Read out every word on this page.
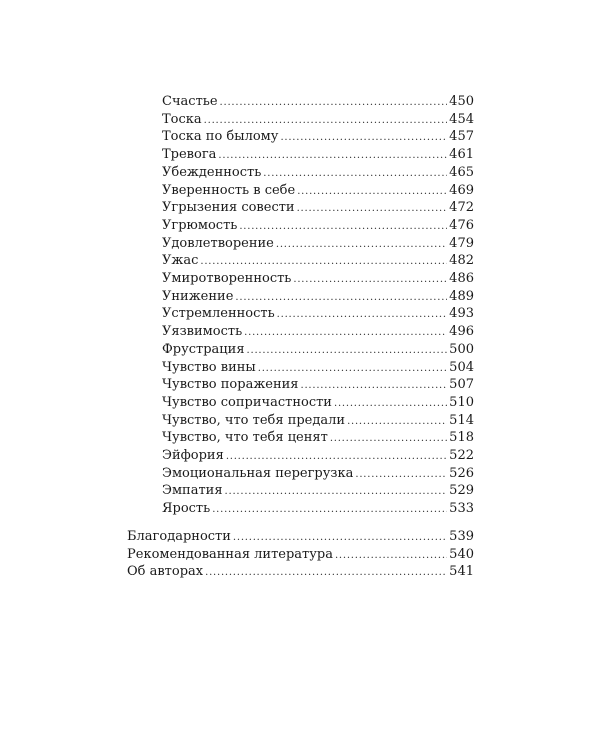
Счастье . . .	450
Тоска . . .	454
Тоска по былому . . .	457
Тревога . . .	461
Убежденность . . .	465
Уверенность в себе . . .	469
Угрызения совести . . .	472
Угрюмость . . .	476
Удовлетворение . . .	479
Ужас . . .	482
Умиротворенность . . .	486
Унижение . . .	489
Устремленность . . .	493
Уязвимость . . .	496
Фрустрация . . .	500
Чувство вины . . .	504
Чувство поражения . . .	507
Чувство сопричастности . . .	510
Чувство, что тебя предали . . .	514
Чувство, что тебя ценят . . .	518
Эйфория . . .	522
Эмоциональная перегрузка . . .	526
Эмпатия . . .	529
Ярость . . .	533
Благодарности . . .	539
Рекомендованная литература . . .	540
Об авторах . . .	541
